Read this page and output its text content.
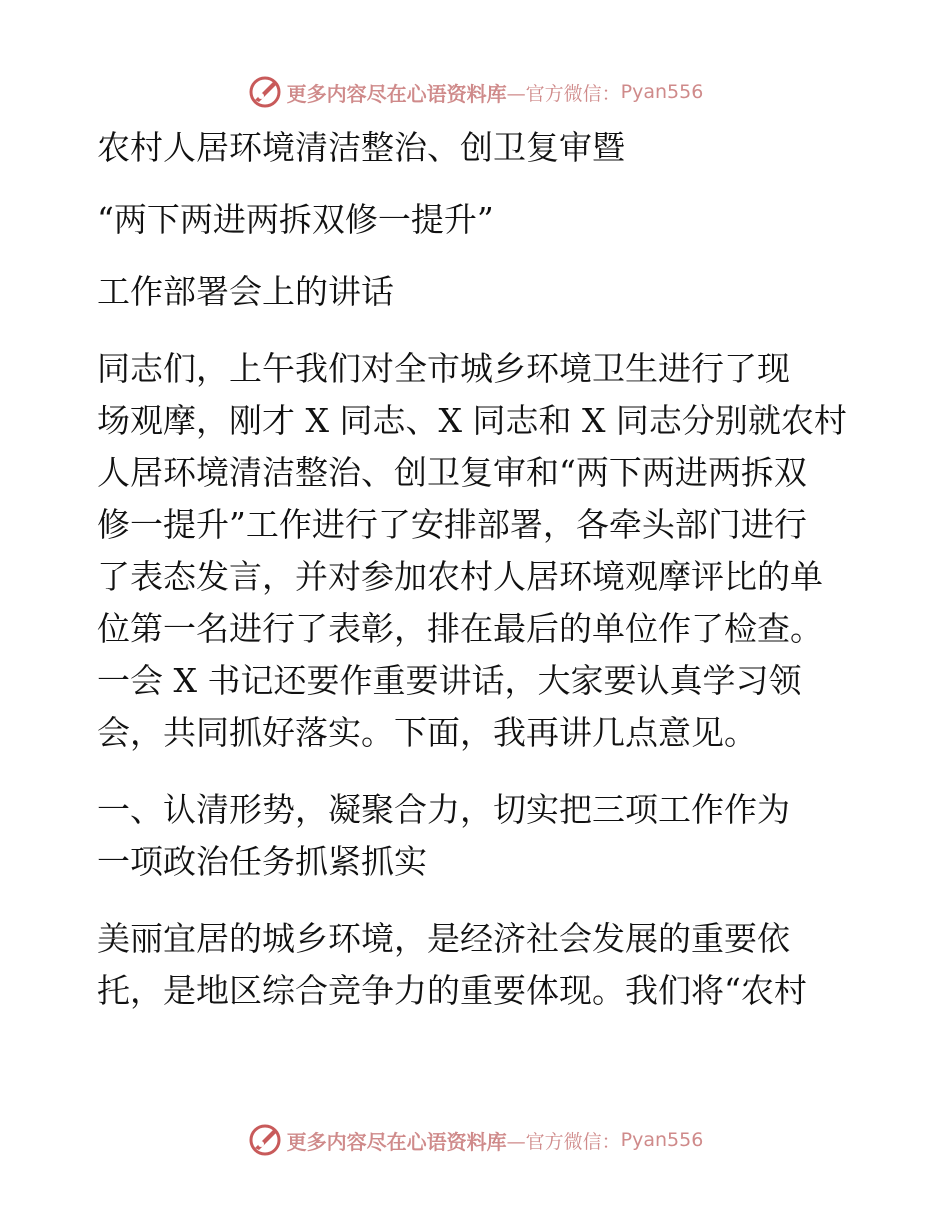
更多内容尽在心语资料库 —官方微信： Pyan556
农村人居环境清洁整治、创卫复审暨
“两下两进两拆双修一提升”
工作部署会上的讲话
同志们，上午我们对全市城乡环境卫生进行了现
场观摩，刚才 X 同志、X 同志和 X 同志分别就农村
人居环境清洁整治、创卫复审和“两下两进两拆双
修一提升”工作进行了安排部署，各牵头部门进行
了表态发言，并对参加农村人居环境观摩评比的单
位第一名进行了表彰，排在最后的单位作了检查。
一会 X 书记还要作重要讲话，大家要认真学习领
会，共同抓好落实。下面，我再讲几点意见。
一、认清形势，凝聚合力，切实把三项工作作为
一项政治任务抓紧抓实
美丽宜居的城乡环境，是经济社会发展的重要依
托，是地区综合竞争力的重要体现。我们将“农村
更多内容尽在心语资料库 —官方微信： Pyan556
